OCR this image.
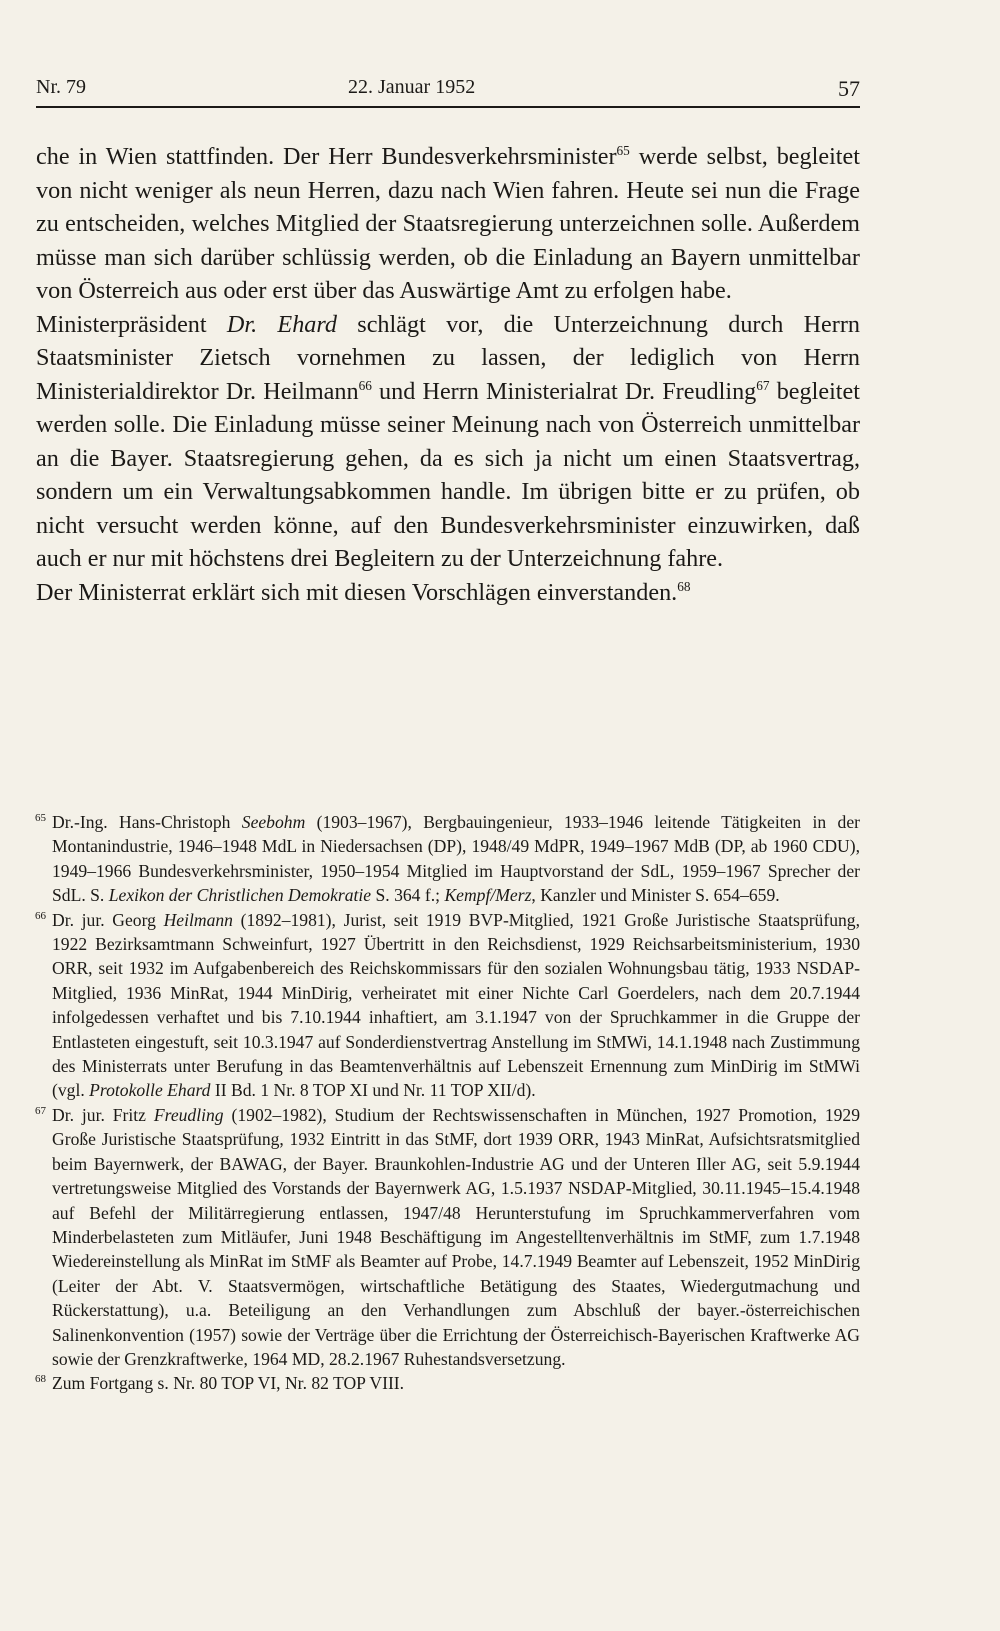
Nr. 79	22. Januar 1952	57

che in Wien stattfinden. Der Herr Bundesverkehrsminister$^{65}$ werde selbst, begleitet von nicht weniger als neun Herren, dazu nach Wien fahren. Heute sei nun die Frage zu entscheiden, welches Mitglied der Staatsregierung unterzeichnen solle. Außerdem müsse man sich darüber schlüssig werden, ob die Einladung an Bayern unmittelbar von Österreich aus oder erst über das Auswärtige Amt zu erfolgen habe.

Ministerpräsident Dr. Ehard schlägt vor, die Unterzeichnung durch Herrn Staatsminister Zietsch vornehmen zu lassen, der lediglich von Herrn Ministerialdirektor Dr. Heilmann$^{66}$ und Herrn Ministerialrat Dr. Freudling$^{67}$ begleitet werden solle. Die Einladung müsse seiner Meinung nach von Österreich unmittelbar an die Bayer. Staatsregierung gehen, da es sich ja nicht um einen Staatsvertrag, sondern um ein Verwaltungsabkommen handle. Im übrigen bitte er zu prüfen, ob nicht versucht werden könne, auf den Bundesverkehrsminister einzuwirken, daß auch er nur mit höchstens drei Begleitern zu der Unterzeichnung fahre.

Der Ministerrat erklärt sich mit diesen Vorschlägen einverstanden.$^{68}$

65 Dr.-Ing. Hans-Christoph Seebohm (1903–1967), Bergbauingenieur, 1933–1946 leitende Tätigkeiten in der Montanindustrie, 1946–1948 MdL in Niedersachsen (DP), 1948/49 MdPR, 1949–1967 MdB (DP, ab 1960 CDU), 1949–1966 Bundesverkehrsminister, 1950–1954 Mitglied im Hauptvorstand der SdL, 1959–1967 Sprecher der SdL. S. Lexikon der Christlichen Demokratie S. 364 f.; Kempf/Merz, Kanzler und Minister S. 654–659.
66 Dr. jur. Georg Heilmann (1892–1981), Jurist, seit 1919 BVP-Mitglied, 1921 Große Juristische Staatsprüfung, 1922 Bezirksamtmann Schweinfurt, 1927 Übertritt in den Reichsdienst, 1929 Reichsarbeitsministerium, 1930 ORR, seit 1932 im Aufgabenbereich des Reichskommissars für den sozialen Wohnungsbau tätig, 1933 NSDAP-Mitglied, 1936 MinRat, 1944 MinDirig, verheiratet mit einer Nichte Carl Goerdelers, nach dem 20.7.1944 infolgedessen verhaftet und bis 7.10.1944 inhaftiert, am 3.1.1947 von der Spruchkammer in die Gruppe der Entlasteten eingestuft, seit 10.3.1947 auf Sonderdienstvertrag Anstellung im StMWi, 14.1.1948 nach Zustimmung des Ministerrats unter Berufung in das Beamtenverhältnis auf Lebenszeit Ernennung zum MinDirig im StMWi (vgl. Protokolle Ehard II Bd. 1 Nr. 8 TOP XI und Nr. 11 TOP XII/d).
67 Dr. jur. Fritz Freudling (1902–1982), Studium der Rechtswissenschaften in München, 1927 Promotion, 1929 Große Juristische Staatsprüfung, 1932 Eintritt in das StMF, dort 1939 ORR, 1943 MinRat, Aufsichtsratsmitglied beim Bayernwerk, der BAWAG, der Bayer. Braunkohlen-Industrie AG und der Unteren Iller AG, seit 5.9.1944 vertretungsweise Mitglied des Vorstands der Bayernwerk AG, 1.5.1937 NSDAP-Mitglied, 30.11.1945–15.4.1948 auf Befehl der Militärregierung entlassen, 1947/48 Herunterstufung im Spruchkammerverfahren vom Minderbelasteten zum Mitläufer, Juni 1948 Beschäftigung im Angestelltenverhältnis im StMF, zum 1.7.1948 Wiedereinstellung als MinRat im StMF als Beamter auf Probe, 14.7.1949 Beamter auf Lebenszeit, 1952 MinDirig (Leiter der Abt. V. Staatsvermögen, wirtschaftliche Betätigung des Staates, Wiedergutmachung und Rückerstattung), u.a. Beteiligung an den Verhandlungen zum Abschluß der bayer.-österreichischen Salinenkonvention (1957) sowie der Verträge über die Errichtung der Österreichisch-Bayerischen Kraftwerke AG sowie der Grenzkraftwerke, 1964 MD, 28.2.1967 Ruhestandsversetzung.
68 Zum Fortgang s. Nr. 80 TOP VI, Nr. 82 TOP VIII.
